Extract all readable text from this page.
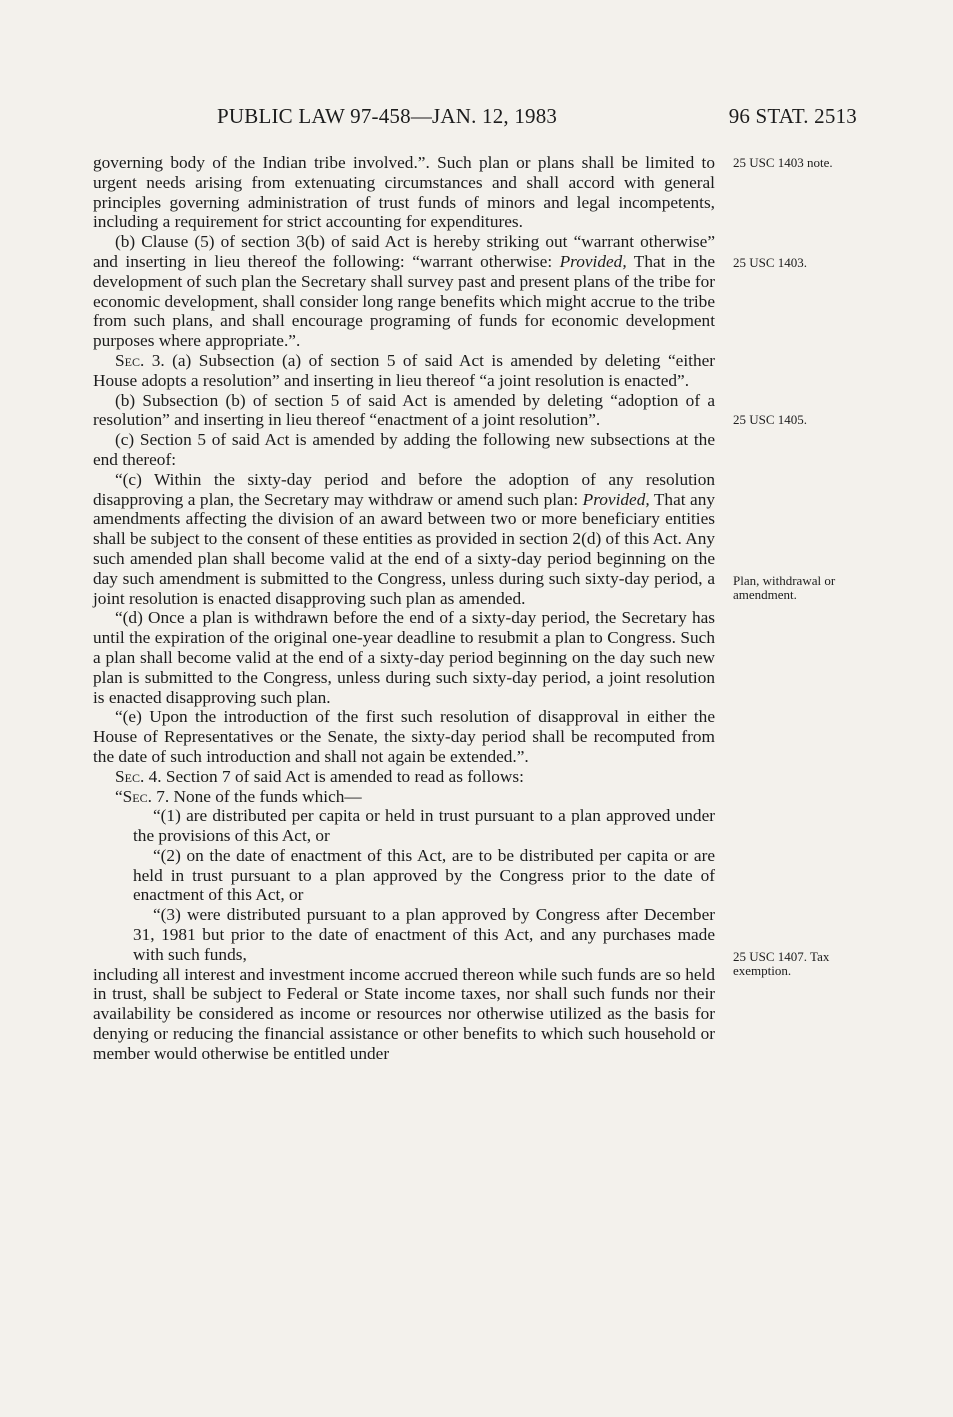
PUBLIC LAW 97-458—JAN. 12, 1983	96 STAT. 2513

governing body of the Indian tribe involved.”. Such plan or plans shall be limited to urgent needs arising from extenuating circumstances and shall accord with general principles governing administration of trust funds of minors and legal incompetents, including a requirement for strict accounting for expenditures.

(b) Clause (5) of section 3(b) of said Act is hereby striking out “warrant otherwise” and inserting in lieu thereof the following: “warrant otherwise: Provided, That in the development of such plan the Secretary shall survey past and present plans of the tribe for economic development, shall consider long range benefits which might accrue to the tribe from such plans, and shall encourage programing of funds for economic development purposes where appropriate.”.

Sec. 3. (a) Subsection (a) of section 5 of said Act is amended by deleting “either House adopts a resolution” and inserting in lieu thereof “a joint resolution is enacted”.

(b) Subsection (b) of section 5 of said Act is amended by deleting “adoption of a resolution” and inserting in lieu thereof “enactment of a joint resolution”.

(c) Section 5 of said Act is amended by adding the following new subsections at the end thereof:

“(c) Within the sixty-day period and before the adoption of any resolution disapproving a plan, the Secretary may withdraw or amend such plan: Provided, That any amendments affecting the division of an award between two or more beneficiary entities shall be subject to the consent of these entities as provided in section 2(d) of this Act. Any such amended plan shall become valid at the end of a sixty-day period beginning on the day such amendment is submitted to the Congress, unless during such sixty-day period, a joint resolution is enacted disapproving such plan as amended.

“(d) Once a plan is withdrawn before the end of a sixty-day period, the Secretary has until the expiration of the original one-year deadline to resubmit a plan to Congress. Such a plan shall become valid at the end of a sixty-day period beginning on the day such new plan is submitted to the Congress, unless during such sixty-day period, a joint resolution is enacted disapproving such plan.

“(e) Upon the introduction of the first such resolution of disapproval in either the House of Representatives or the Senate, the sixty-day period shall be recomputed from the date of such introduction and shall not again be extended.”.

Sec. 4. Section 7 of said Act is amended to read as follows:

“Sec. 7. None of the funds which—

“(1) are distributed per capita or held in trust pursuant to a plan approved under the provisions of this Act, or

“(2) on the date of enactment of this Act, are to be distributed per capita or are held in trust pursuant to a plan approved by the Congress prior to the date of enactment of this Act, or

“(3) were distributed pursuant to a plan approved by Congress after December 31, 1981 but prior to the date of enactment of this Act, and any purchases made with such funds,

including all interest and investment income accrued thereon while such funds are so held in trust, shall be subject to Federal or State income taxes, nor shall such funds nor their availability be considered as income or resources nor otherwise utilized as the basis for denying or reducing the financial assistance or other benefits to which such household or member would otherwise be entitled under

25 USC 1403 note.
25 USC 1403.
25 USC 1405.
Plan, withdrawal or amendment.
25 USC 1407. Tax exemption.
